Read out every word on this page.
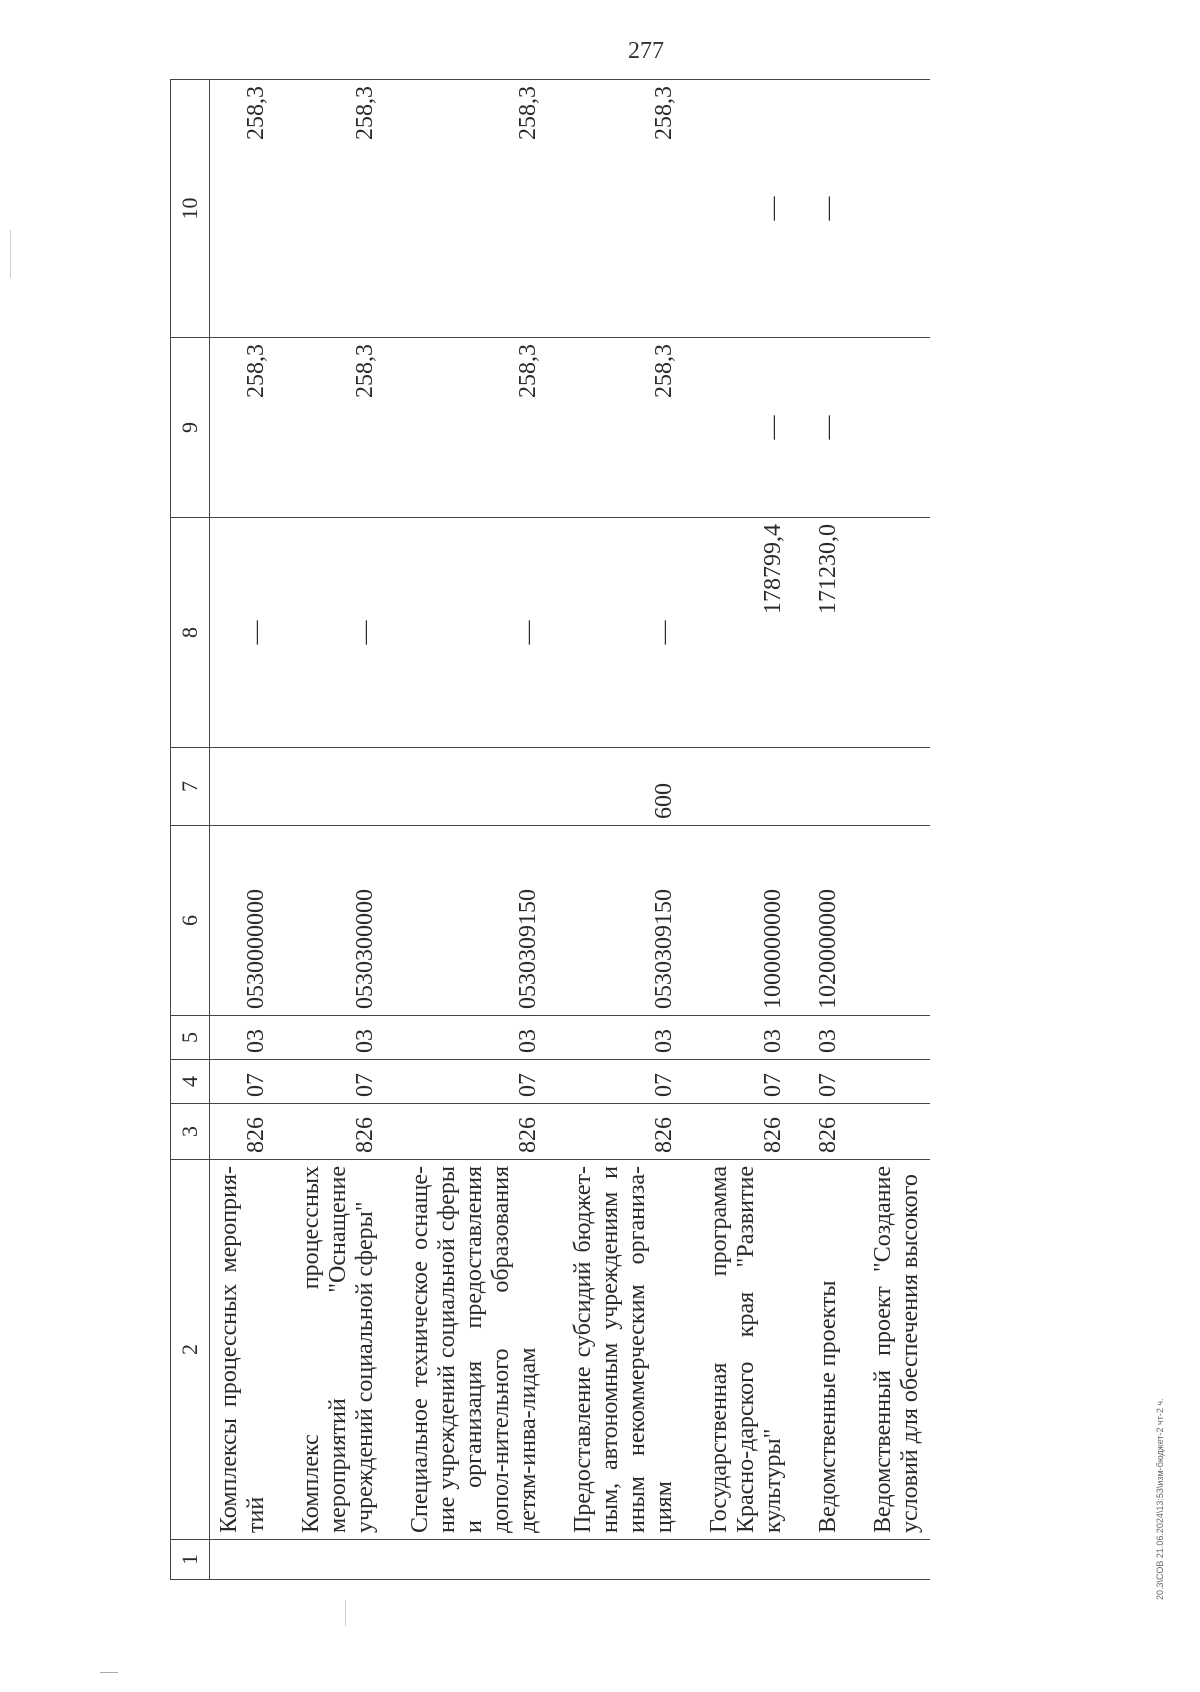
277
1	2	3	4	5	6	7	8	9	10
	Комплексы процессных мероприя-тий	826	07	03	0530000000		—	258,3	258,3
	Комплекс процессных мероприятий "Оснащение учреждений социальной сферы"	826	07	03	0530300000		—	258,3	258,3
	Специальное техническое оснаще-ние учреждений социальной сферы и организация предоставления допол-нительного образования детям-инва-лидам	826	07	03	0530309150		—	258,3	258,3
	Предоставление субсидий бюджет-ным, автономным учреждениям и иным некоммерческим организа-циям	826	07	03	0530309150	600	—	258,3	258,3
	Государственная программа Красно-дарского края "Развитие культуры"	826	07	03	1000000000		178799,4	—	—
	Ведомственные проекты	826	07	03	1020000000		171230,0	—	—
	Ведомственный проект "Создание условий для обеспечения высокого									20.3\СОВ 21.06.2024\13:53\изм-бюджет-2 чт-2 ч.
